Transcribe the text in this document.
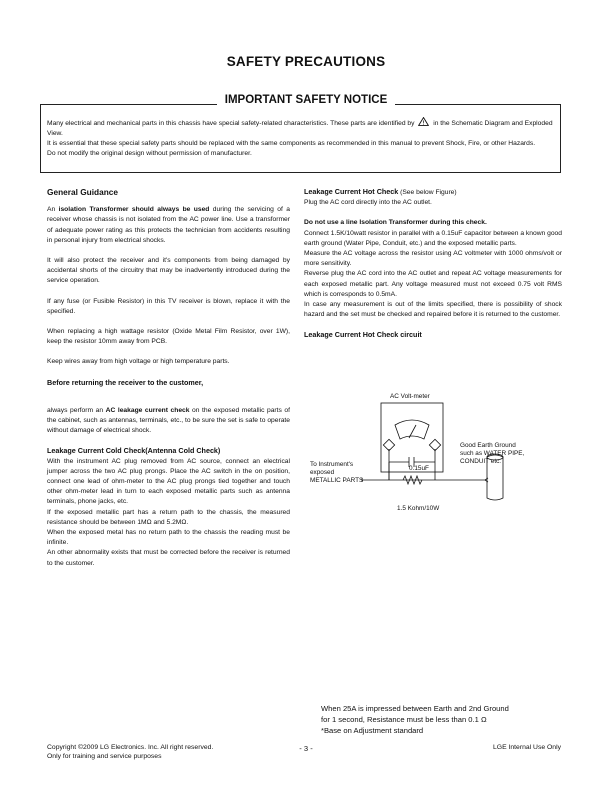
SAFETY PRECAUTIONS
IMPORTANT SAFETY NOTICE
Many electrical and mechanical parts in this chassis have special safety-related characteristics. These parts are identified by ! in the Schematic Diagram and Exploded View.
It is essential that these special safety parts should be replaced with the same components as recommended in this manual to prevent Shock, Fire, or other Hazards.
Do not modify the original design without permission of manufacturer.
General Guidance

An isolation Transformer should always be used during the servicing of a receiver whose chassis is not isolated from the AC power line. Use a transformer of adequate power rating as this protects the technician from accidents resulting in personal injury from electrical shocks.

It will also protect the receiver and it's components from being damaged by accidental shorts of the circuitry that may be inadvertently introduced during the service operation.

If any fuse (or Fusible Resistor) in this TV receiver is blown, replace it with the specified.

When replacing a high wattage resistor (Oxide Metal Film Resistor, over 1W), keep the resistor 10mm away from PCB.

Keep wires away from high voltage or high temperature parts.

Before returning the receiver to the customer,

always perform an AC leakage current check on the exposed metallic parts of the cabinet, such as antennas, terminals, etc., to be sure the set is safe to operate without damage of electrical shock.

Leakage Current Cold Check(Antenna Cold Check)

With the instrument AC plug removed from AC source, connect an electrical jumper across the two AC plug prongs. Place the AC switch in the on position, connect one lead of ohm-meter to the AC plug prongs tied together and touch other ohm-meter lead in turn to each exposed metallic parts such as antenna terminals, phone jacks, etc.

If the exposed metallic part has a return path to the chassis, the measured resistance should be between 1MΩ and 5.2MΩ.

When the exposed metal has no return path to the chassis the reading must be infinite.

An other abnormality exists that must be corrected before the receiver is returned to the customer.

Leakage Current Hot Check (See below Figure)

Plug the AC cord directly into the AC outlet.

Do not use a line Isolation Transformer during this check.

Connect 1.5K/10watt resistor in parallel with a 0.15uF capacitor between a known good earth ground (Water Pipe, Conduit, etc.) and the exposed metallic parts.

Measure the AC voltage across the resistor using AC voltmeter with 1000 ohms/volt or more sensitivity.

Reverse plug the AC cord into the AC outlet and repeat AC voltage measurements for each exposed metallic part. Any voltage measured must not exceed 0.75 volt RMS which is corresponds to 0.5mA.

In case any measurement is out of the limits specified, there is possibility of shock hazard and the set must be checked and repaired before it is returned to the customer.

Leakage Current Hot Check circuit
AC Volt-meter
0.15uF
1.5 Kohm/10W
To Instrument's
exposed
METALLIC PARTS
Good Earth Ground
such as WATER PIPE,
CONDUIT etc.
When 25A is impressed between Earth and 2nd Ground
for 1 second, Resistance must be less than 0.1 Ω
*Base on Adjustment standard
Copyright ©2009 LG Electronics. Inc. All right reserved.
Only for training and service purposes
- 3 -	LGE Internal Use Only
